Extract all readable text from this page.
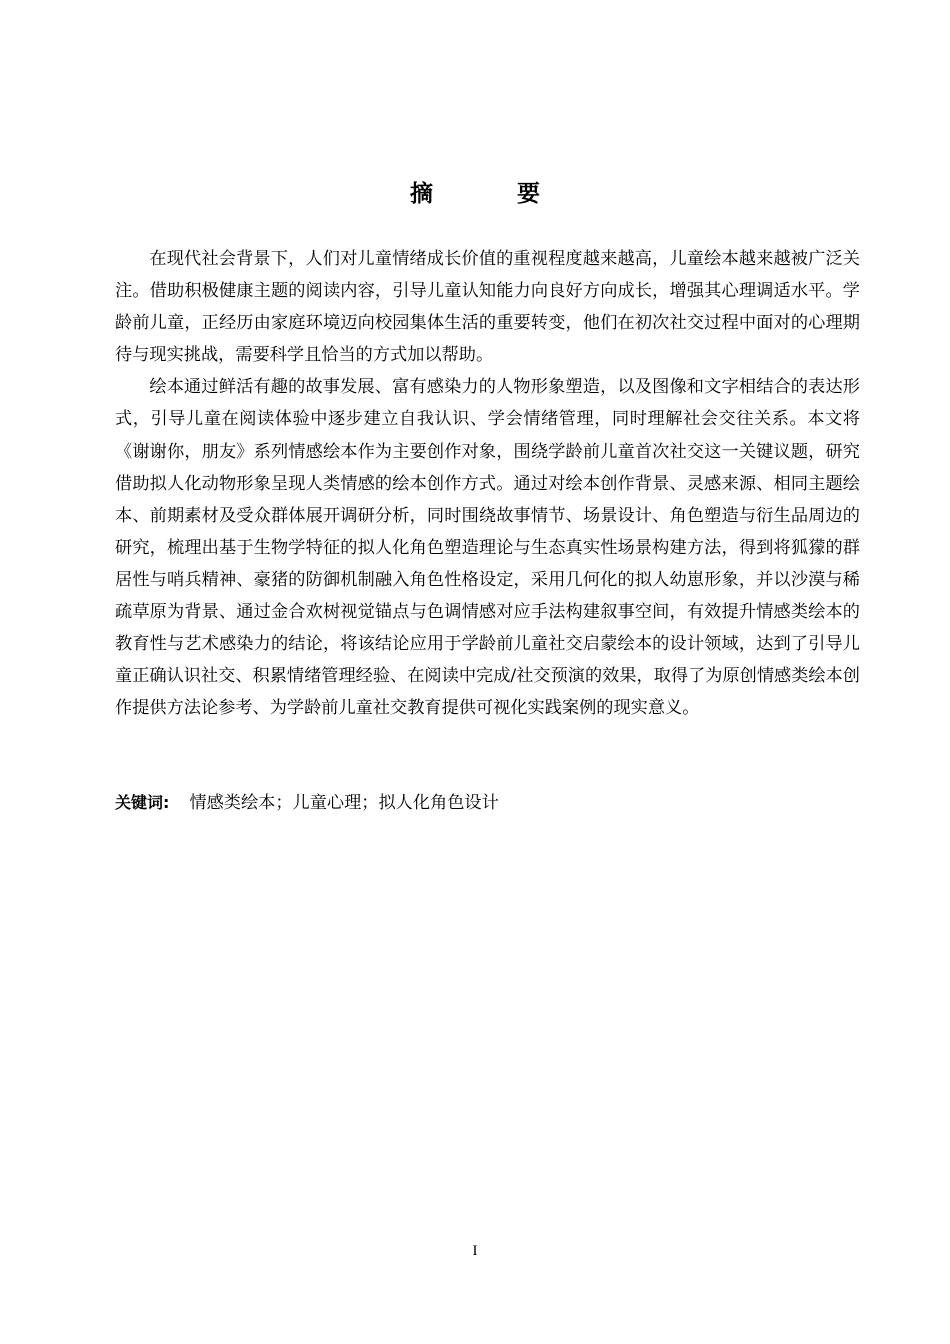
摘 要

在现代社会背景下，人们对儿童情绪成长价值的重视程度越来越高，儿童绘本越来越被广泛关注。借助积极健康主题的阅读内容，引导儿童认知能力向良好方向成长，增强其心理调适水平。学龄前儿童，正经历由家庭环境迈向校园集体生活的重要转变，他们在初次社交过程中面对的心理期待与现实挑战，需要科学且恰当的方式加以帮助。

绘本通过鲜活有趣的故事发展、富有感染力的人物形象塑造，以及图像和文字相结合的表达形式，引导儿童在阅读体验中逐步建立自我认识、学会情绪管理，同时理解社会交往关系。本文将《谢谢你，朋友》系列情感绘本作为主要创作对象，围绕学龄前儿童首次社交这一关键议题，研究借助拟人化动物形象呈现人类情感的绘本创作方式。通过对绘本创作背景、灵感来源、相同主题绘本、前期素材及受众群体展开调研分析，同时围绕故事情节、场景设计、角色塑造与衍生品周边的研究，梳理出基于生物学特征的拟人化角色塑造理论与生态真实性场景构建方法，得到将狐獴的群居性与哨兵精神、豪猪的防御机制融入角色性格设定，采用几何化的拟人幼崽形象，并以沙漠与稀疏草原为背景、通过金合欢树视觉锚点与色调情感对应手法构建叙事空间，有效提升情感类绘本的教育性与艺术感染力的结论，将该结论应用于学龄前儿童社交启蒙绘本的设计领域，达到了引导儿童正确认识社交、积累情绪管理经验、在阅读中完成/社交预演的效果，取得了为原创情感类绘本创作提供方法论参考、为学龄前儿童社交教育提供可视化实践案例的现实意义。

关键词: 情感类绘本；儿童心理；拟人化角色设计
I
